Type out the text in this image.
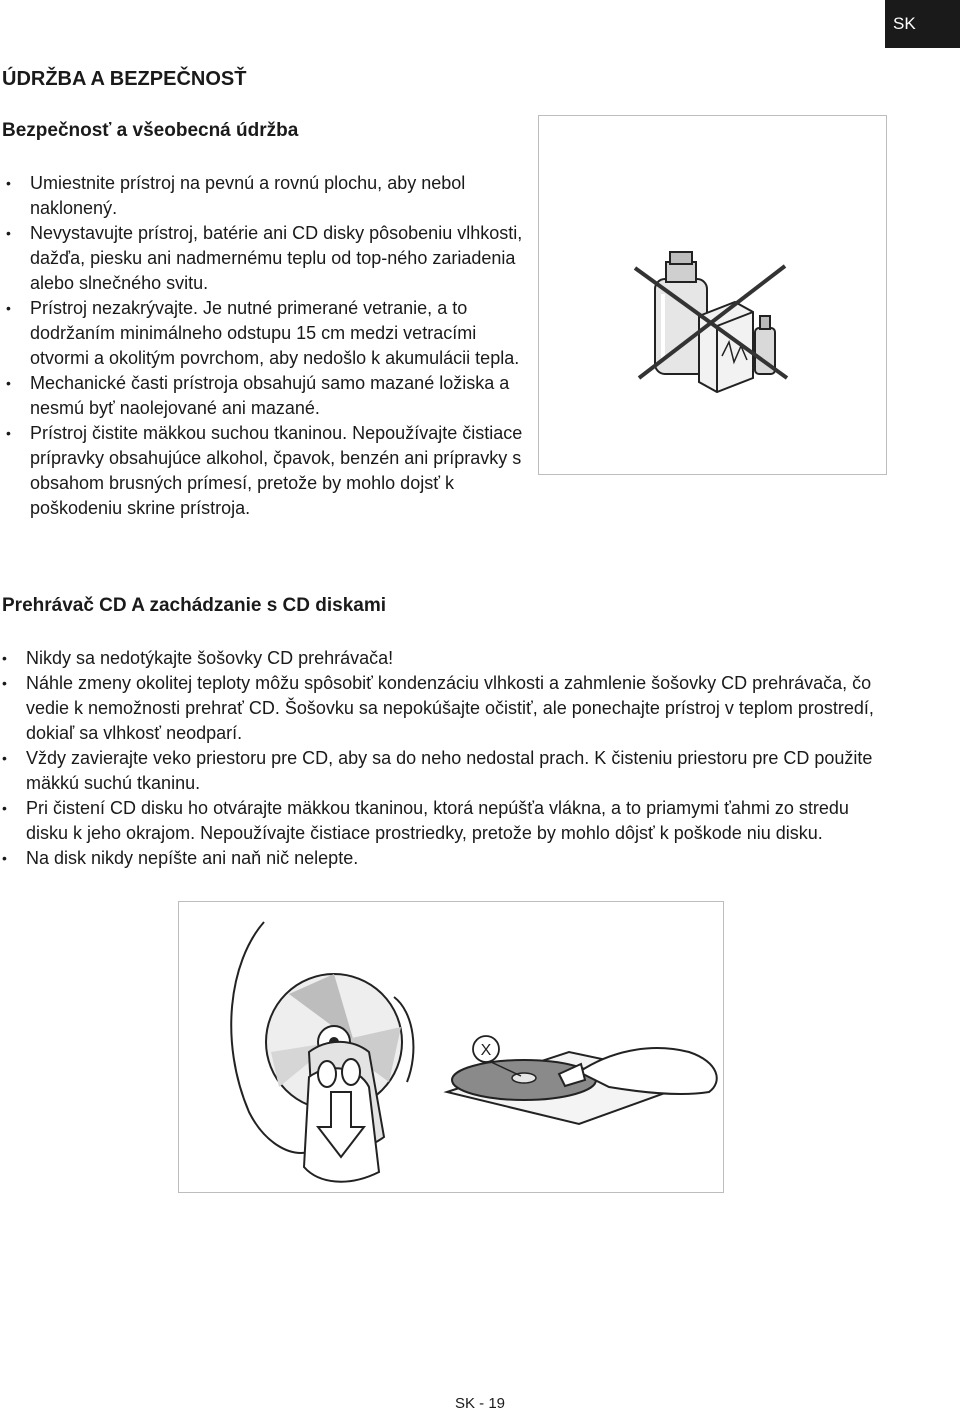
SK
ÚDRŽBA A BEZPEČNOSŤ
Bezpečnosť a všeobecná údržba
• Umiestnite prístroj na pevnú a rovnú plochu, aby nebol naklonený.
• Nevystavujte prístroj, batérie ani CD disky pôsobeniu vlhkosti, dažďa, piesku ani nadmernému teplu od top-ného zariadenia alebo slnečného svitu.
• Prístroj nezakrývajte. Je nutné primerané vetranie, a to dodržaním minimálneho odstupu 15 cm medzi vetracími otvormi a okolitým povrchom, aby nedošlo k akumulácii tepla.
• Mechanické časti prístroja obsahujú samo mazané ložiska a nesmú byť naolejované ani mazané.
• Prístroj čistite mäkkou suchou tkaninou. Nepoužívajte čistiace prípravky obsahujúce alkohol, čpavok, benzén ani prípravky s obsahom brusných prímesí, pretože by mohlo dojsť k poškodeniu skrine prístroja.
Prehrávač CD A zachádzanie s CD diskami
• Nikdy sa nedotýkajte šošovky CD prehrávača!
• Náhle zmeny okolitej teploty môžu spôsobiť kondenzáciu vlhkosti a zahmlenie šošovky CD prehrávača, čo vedie k nemožnosti prehrať CD. Šošovku sa nepokúšajte očistiť, ale ponechajte prístroj v teplom prostredí, dokiaľ sa vlhkosť neodparí.
• Vždy zavierajte veko priestoru pre CD, aby sa do neho nedostal prach. K čisteniu priestoru pre CD použite mäkkú suchú tkaninu.
• Pri čistení CD disku ho otvárajte mäkkou tkaninou, ktorá nepúšťa vlákna, a to priamymi ťahmi zo stredu disku k jeho okrajom. Nepoužívajte čistiace prostriedky, pretože by mohlo dôjsť k poškode niu disku.
• Na disk nikdy nepíšte ani naň nič nelepte.
X
SK - 19
